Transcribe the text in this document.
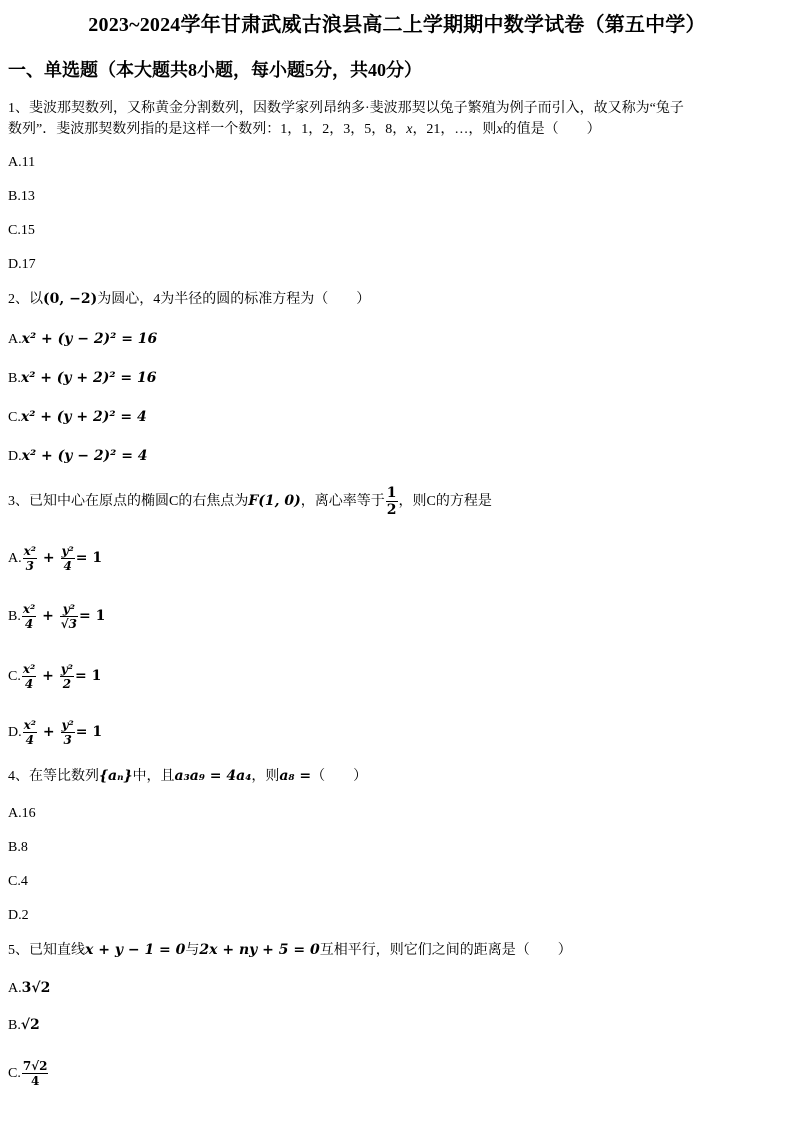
2023~2024学年甘肃武威古浪县高二上学期期中数学试卷（第五中学）
一、单选题（本大题共8小题，每小题5分，共40分）
1、斐波那契数列，又称黄金分割数列，因数学家列昂纳多·斐波那契以兔子繁殖为例子而引入，故又称为“兔子
数列”．斐波那契数列指的是这样一个数列：1，1，2，3，5，8，x，21，…，则x的值是（　　）
A.11
B.13
C.15
D.17
2、以(0, −2)为圆心，4为半径的圆的标准方程为（　　）
A.x² + (y − 2)² = 16
B.x² + (y + 2)² = 16
C.x² + (y + 2)² = 4
D.x² + (y − 2)² = 4
3、已知中心在原点的椭圆C的右焦点为F(1, 0)，离心率等于 $\frac{1}{2}$ ，则C的方程是
A. $\frac{\text{x²}}{3} + \frac{\text{y²}}{4} = 1$
B. $\frac{\text{x²}}{4} + \frac{\text{y²}}{√3} = 1$
C. $\frac{\text{x²}}{4} + \frac{\text{y²}}{2} = 1$
D. $\frac{\text{x²}}{4} + \frac{\text{y²}}{3} = 1$
4、在等比数列{aₙ}中，且a₃a₉ = 4a₄，则a₈ =（　　）
A.16
B.8
C.4
D.2
5、已知直线x + y − 1 = 0与2x + ny + 5 = 0互相平行，则它们之间的距离是（　　）
A.3√2
B.√2
C. $\frac{7√2}{4}$
